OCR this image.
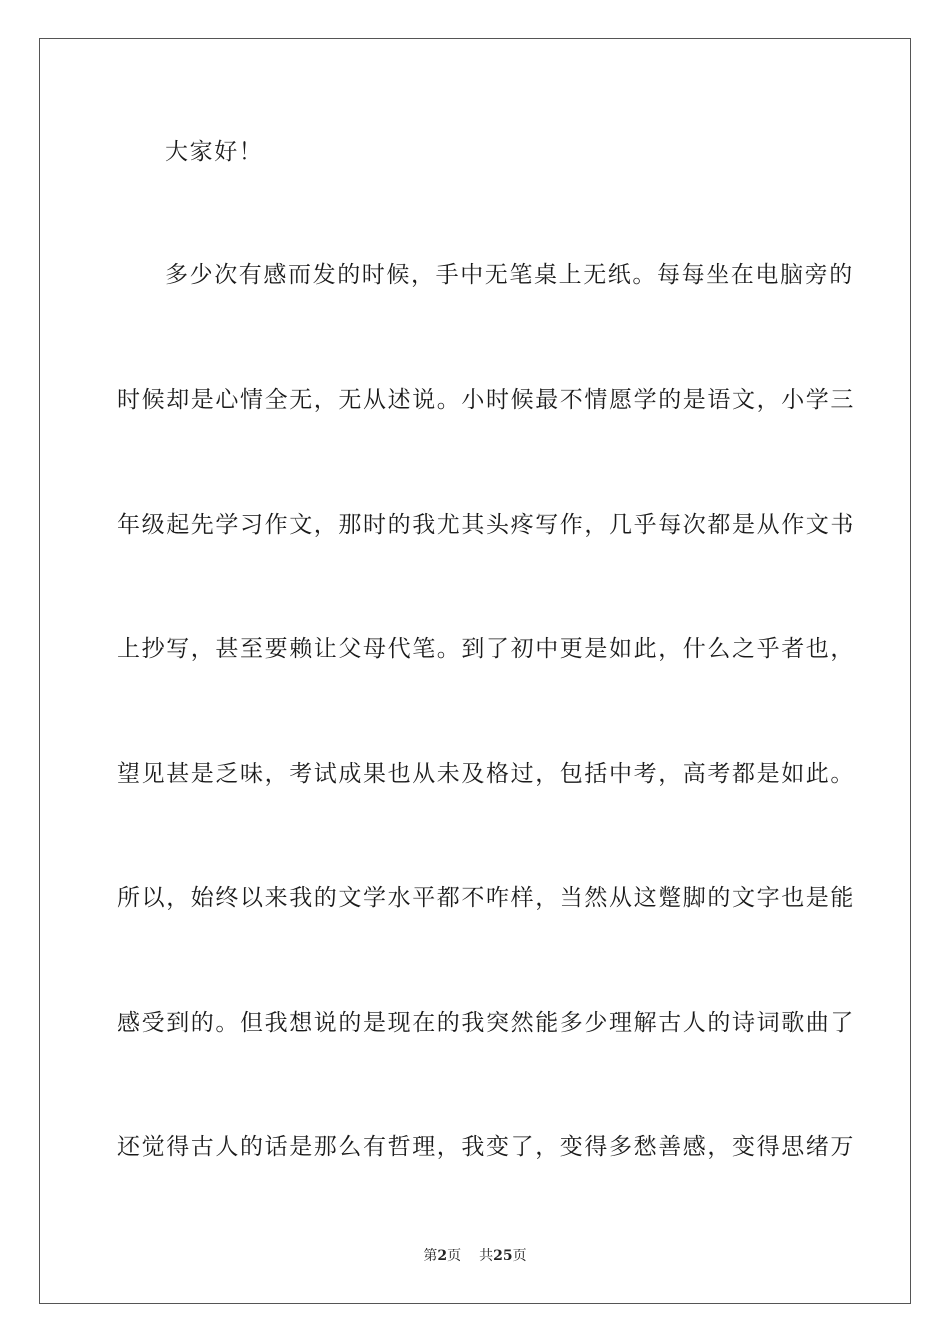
大家好！
多少次有感而发的时候，手中无笔桌上无纸。每每坐在电脑旁的
时候却是心情全无，无从述说。小时候最不情愿学的是语文，小学三
年级起先学习作文，那时的我尤其头疼写作，几乎每次都是从作文书
上抄写，甚至要赖让父母代笔。到了初中更是如此，什么之乎者也，
望见甚是乏味，考试成果也从未及格过，包括中考，高考都是如此。
所以，始终以来我的文学水平都不咋样，当然从这蹩脚的文字也是能
感受到的。但我想说的是现在的我突然能多少理解古人的诗词歌曲了
还觉得古人的话是那么有哲理，我变了，变得多愁善感，变得思绪万
第2页 共25页
